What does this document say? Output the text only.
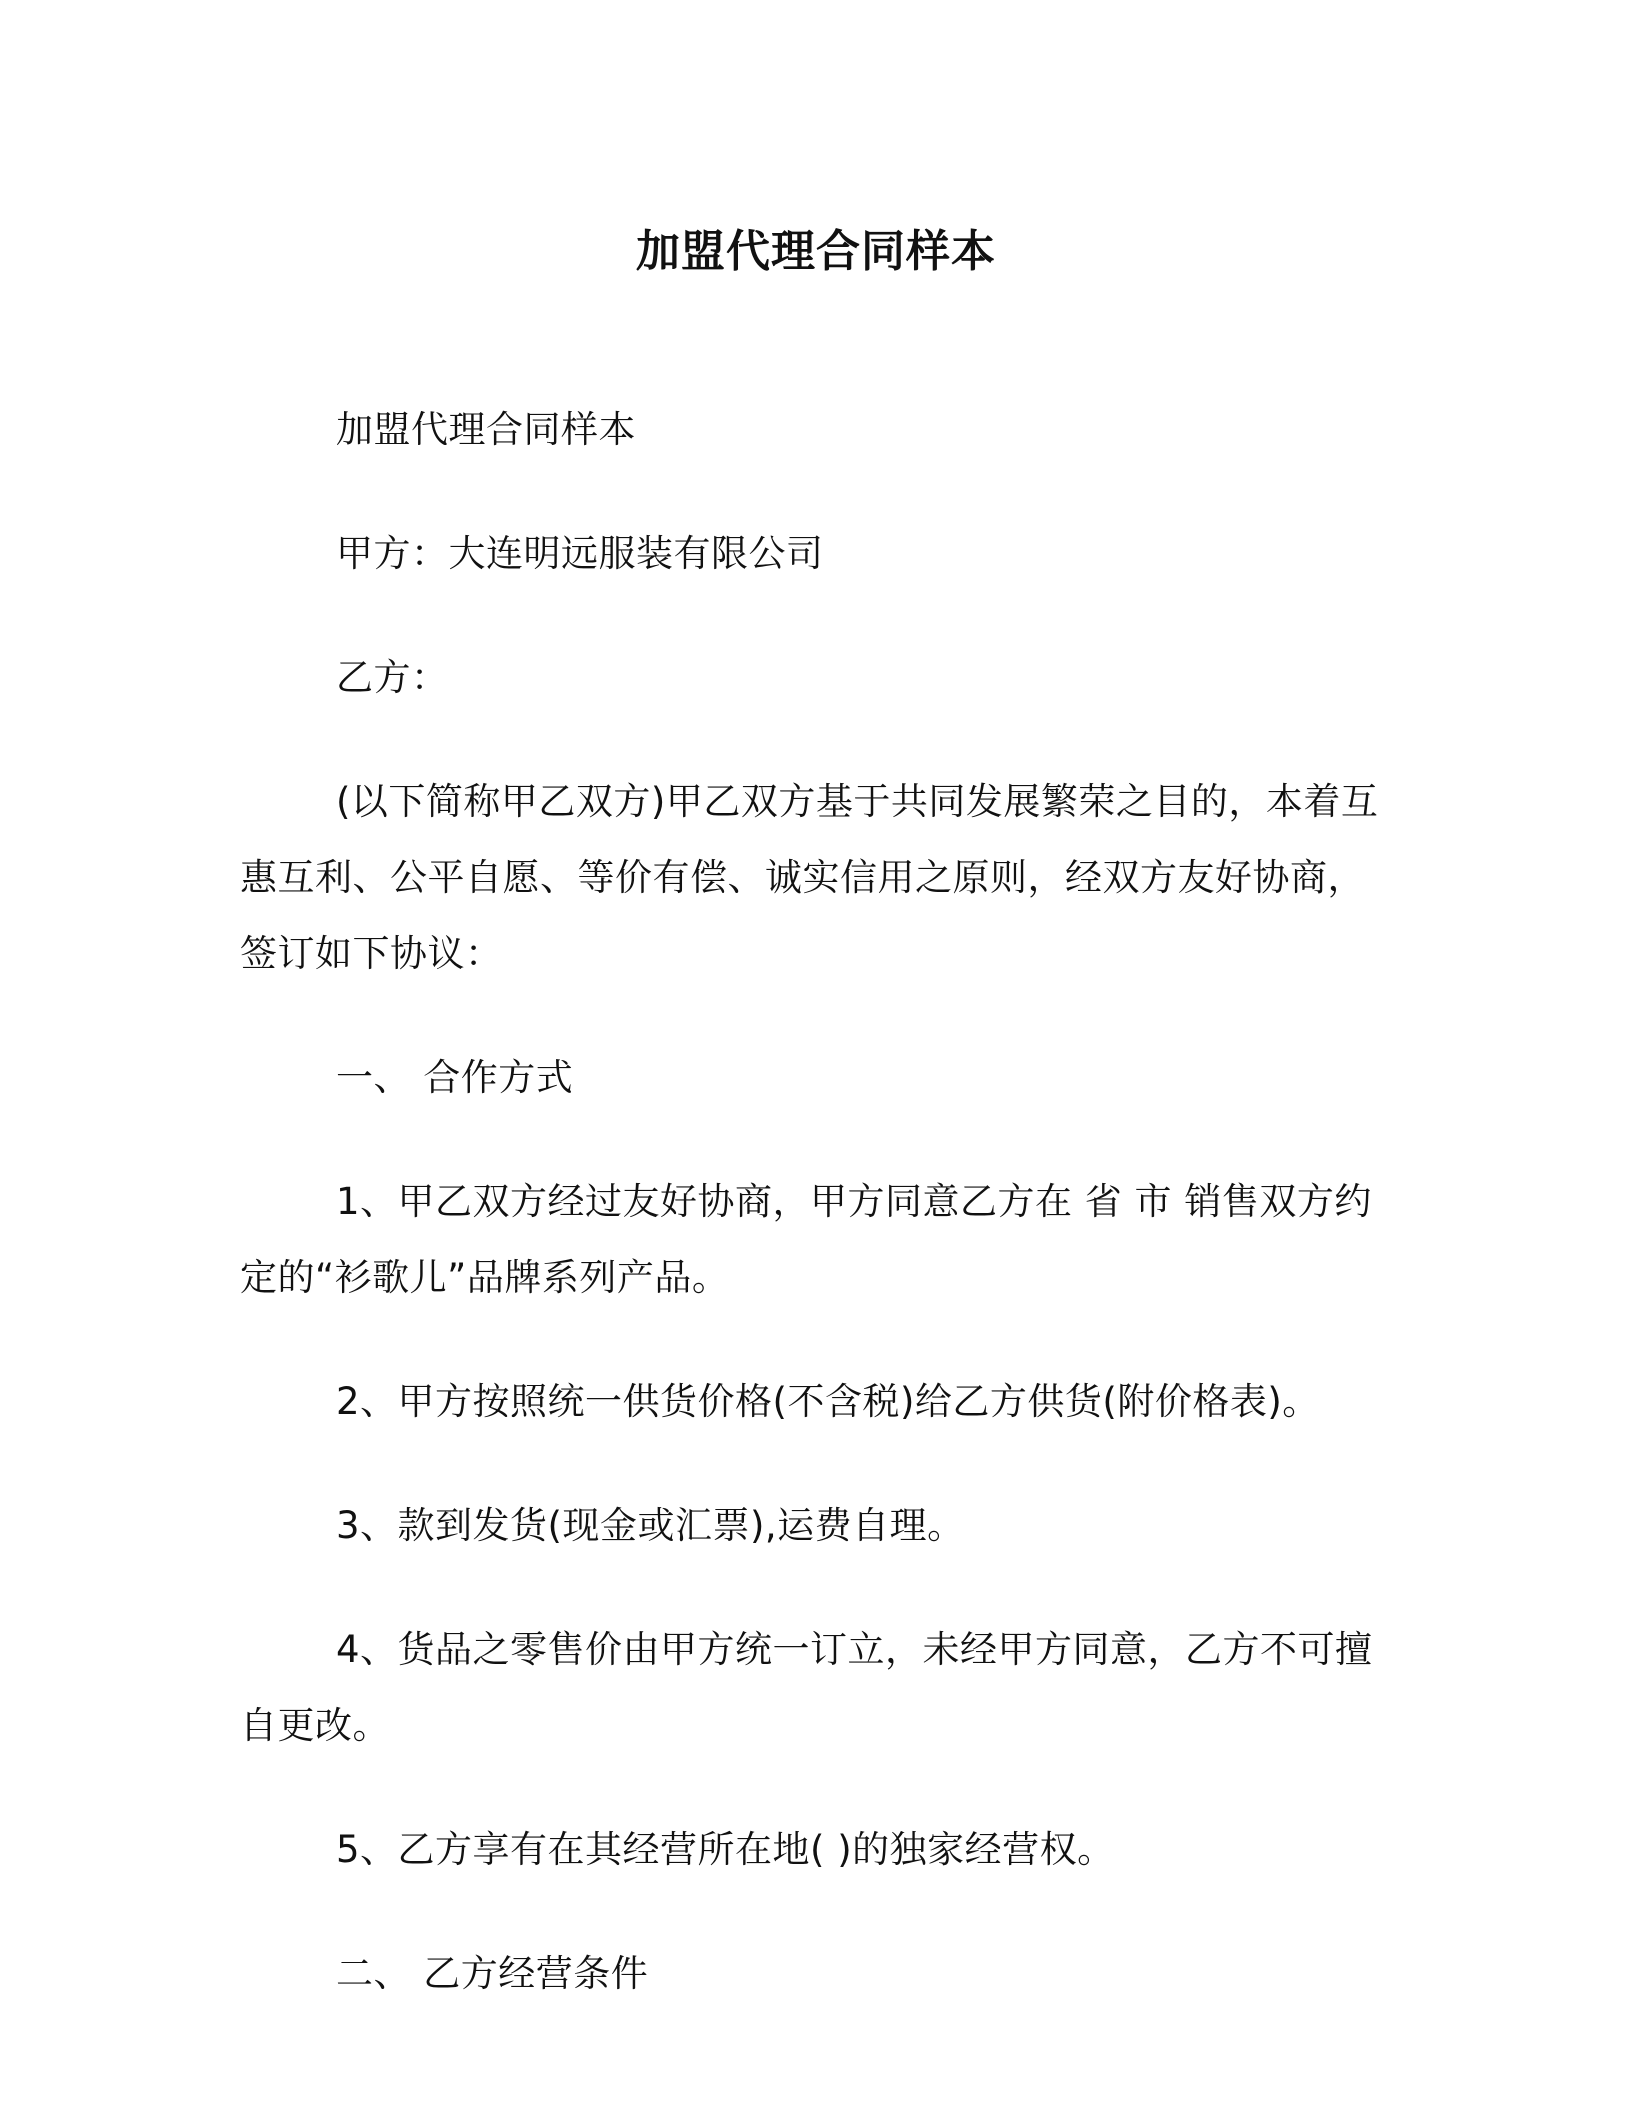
加盟代理合同样本

加盟代理合同样本

甲方：大连明远服装有限公司

乙方：

(以下简称甲乙双方)甲乙双方基于共同发展繁荣之目的，本着互惠互利、公平自愿、等价有偿、诚实信用之原则，经双方友好协商，签订如下协议：

一、 合作方式

1、甲乙双方经过友好协商，甲方同意乙方在 省 市 销售双方约定的“衫歌儿”品牌系列产品。

2、甲方按照统一供货价格(不含税)给乙方供货(附价格表)。

3、款到发货(现金或汇票),运费自理。

4、货品之零售价由甲方统一订立，未经甲方同意，乙方不可擅自更改。

5、乙方享有在其经营所在地( )的独家经营权。

二、 乙方经营条件
